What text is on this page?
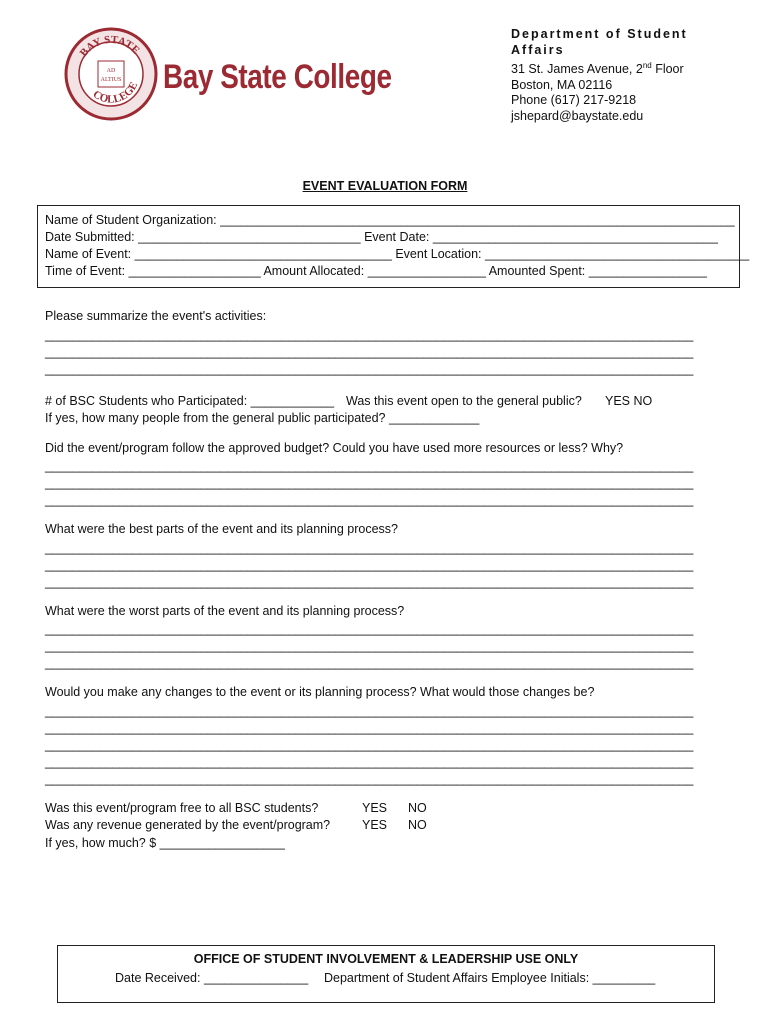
BAY STATE
COLLEGE
AD
ALTIUS Bay State College
Department of Student
Affairs
31 St. James Avenue, 2nd Floor
Boston, MA 02116
Phone (617) 217-9218
jshepard@baystate.edu
EVENT EVALUATION FORM
Name of Student Organization: __________________________________________________________________________
Date Submitted: ________________________________ Event Date: _________________________________________
Name of Event: _____________________________________ Event Location: ______________________________________
Time of Event: ___________________ Amount Allocated: _________________ Amounted Spent: _________________
Please summarize the event's activities:
________________________________________________________________________________________________
________________________________________________________________________________________________
________________________________________________________________________________________________
# of BSC Students who Participated: ____________ Was this event open to the general public? YES NO
If yes, how many people from the general public participated? _____________
Did the event/program follow the approved budget? Could you have used more resources or less? Why?
________________________________________________________________________________________________
________________________________________________________________________________________________
________________________________________________________________________________________________
What were the best parts of the event and its planning process?
________________________________________________________________________________________________
________________________________________________________________________________________________
________________________________________________________________________________________________
What were the worst parts of the event and its planning process?
________________________________________________________________________________________________
________________________________________________________________________________________________
________________________________________________________________________________________________
Would you make any changes to the event or its planning process? What would those changes be?
________________________________________________________________________________________________
________________________________________________________________________________________________
________________________________________________________________________________________________
________________________________________________________________________________________________
________________________________________________________________________________________________
Was this event/program free to all BSC students?	YES NO
Was any revenue generated by the event/program?	YES NO
If yes, how much? $ __________________
OFFICE OF STUDENT INVOLVEMENT & LEADERSHIP USE ONLY
Date Received: _______________ Department of Student Affairs Employee Initials: _________
